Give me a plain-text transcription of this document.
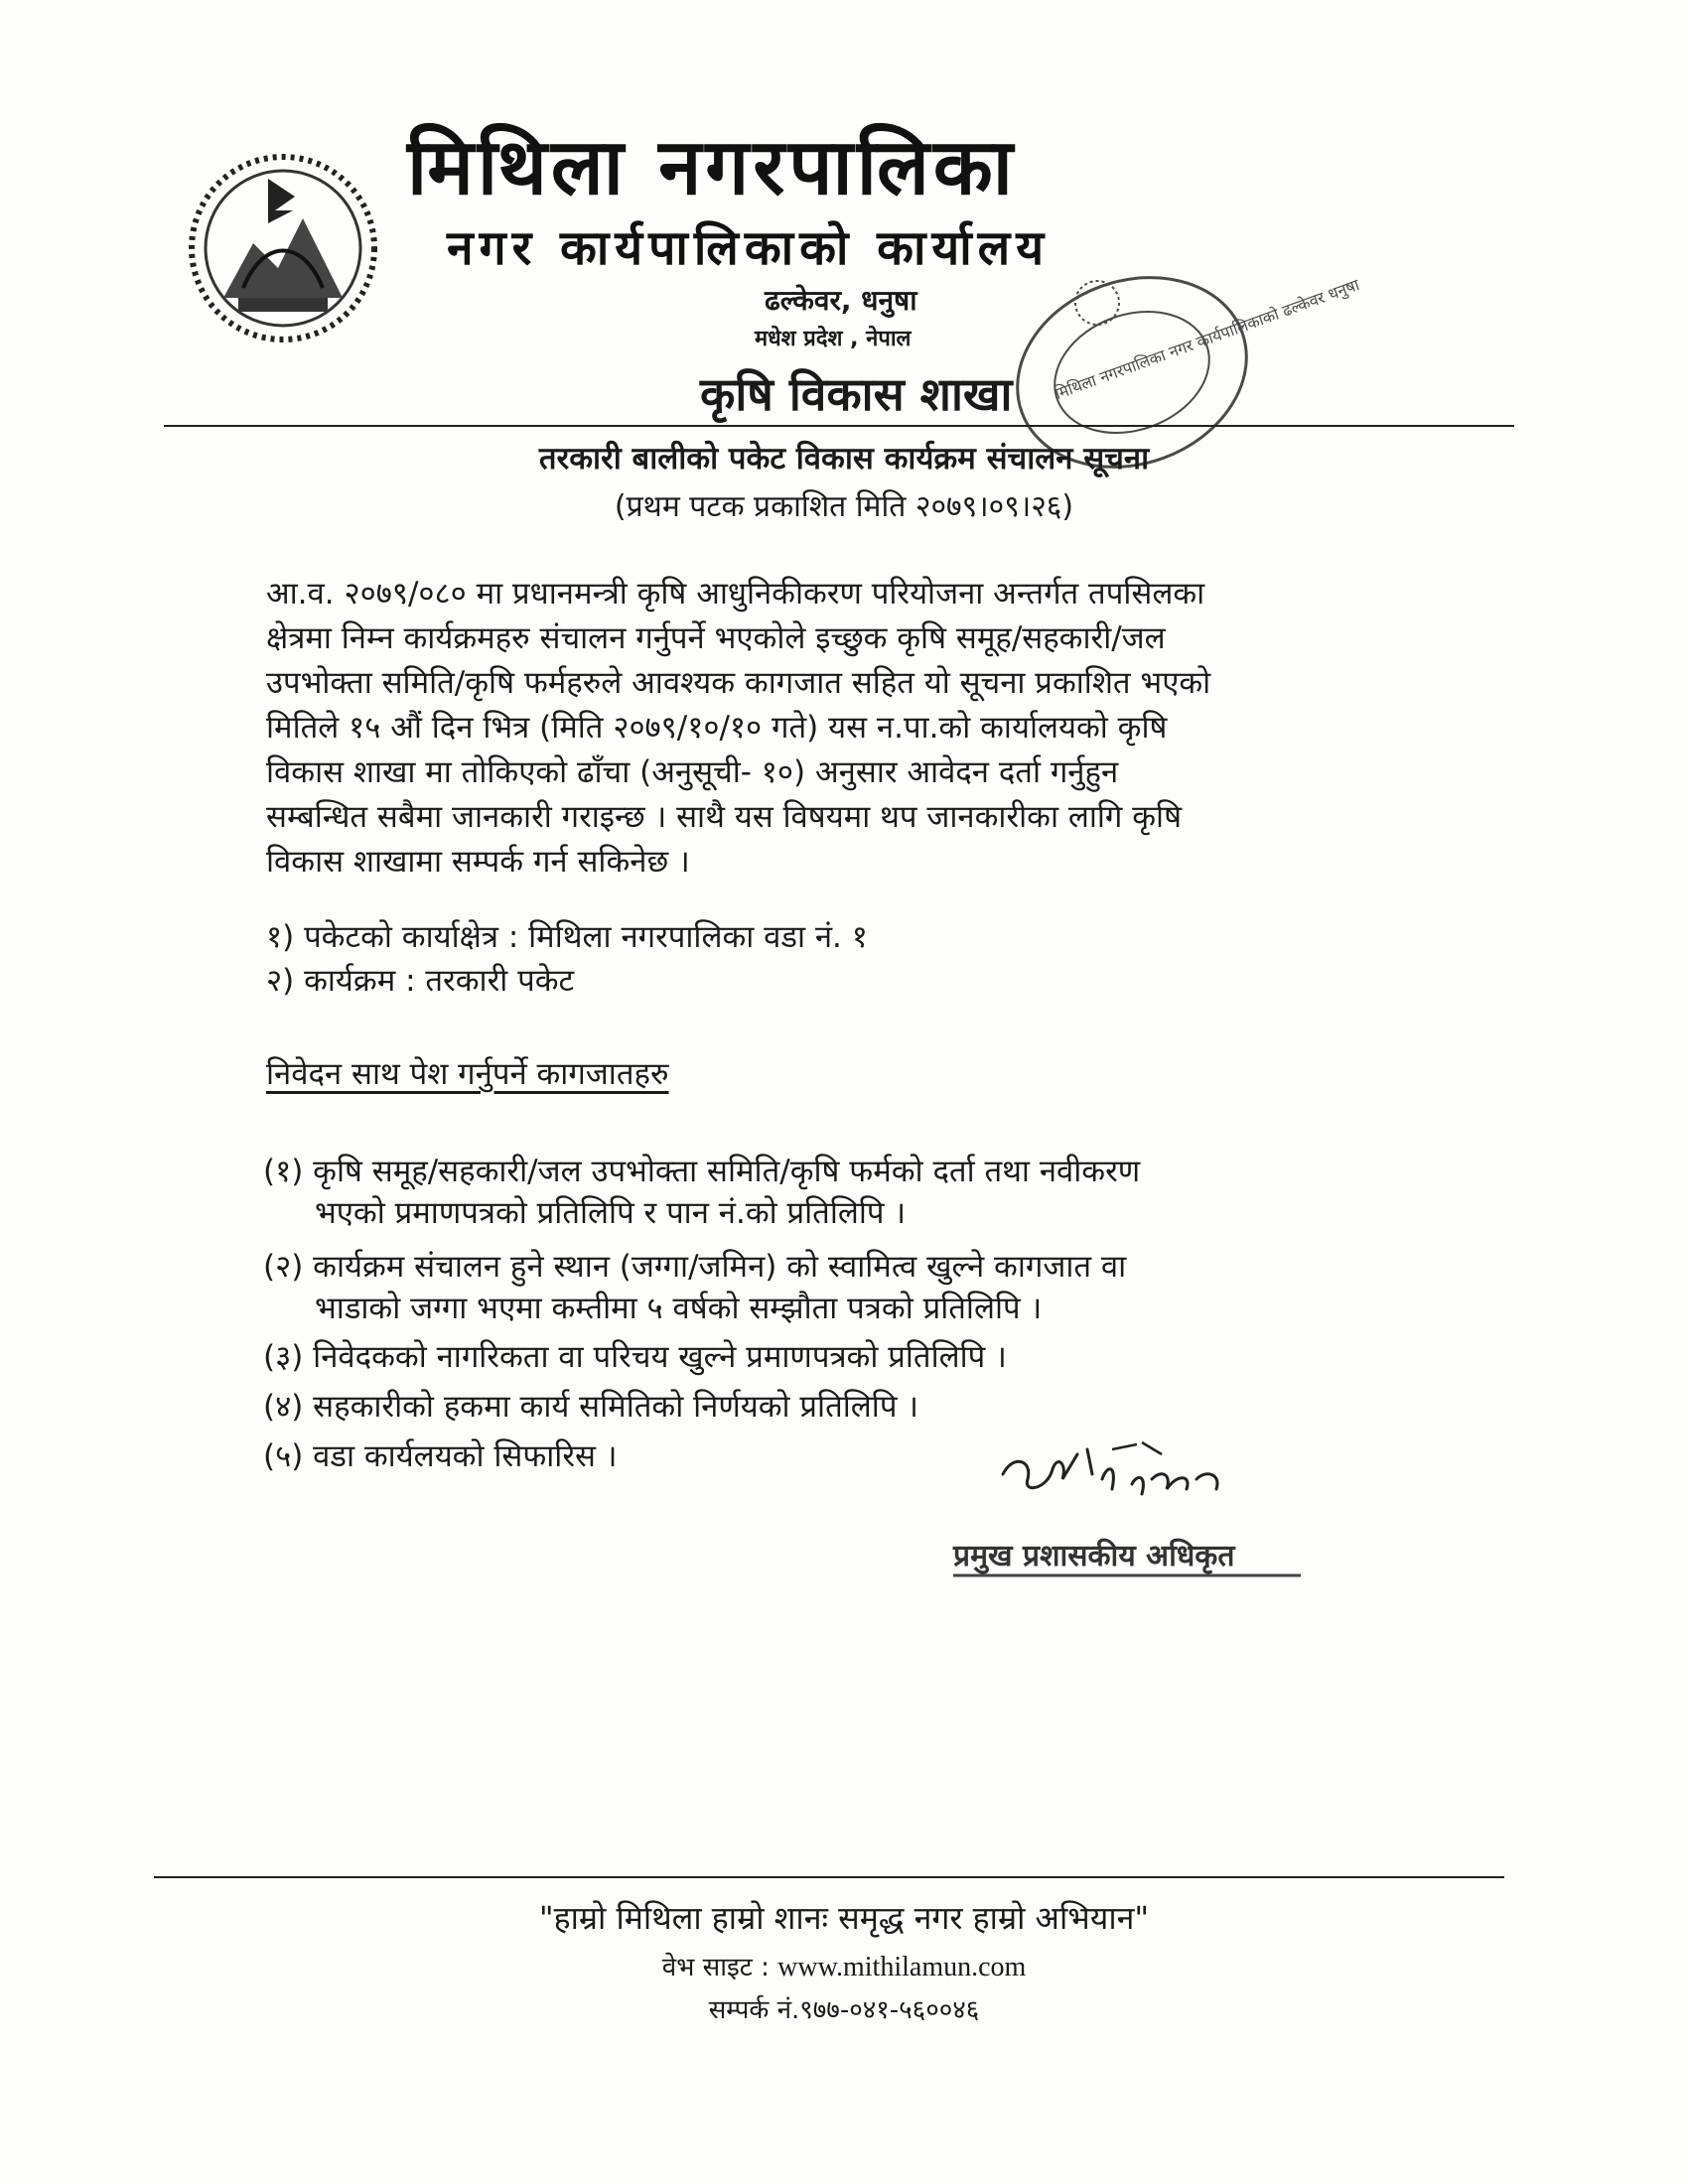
मिथिला नगरपालिका
नगर कार्यपालिकाको कार्यालय
ढल्केवर, धनुषा
मधेश प्रदेश , नेपाल
कृषि विकास शाखा	मिथिला नगरपालिका नगर कार्यपालिकाको ढल्केवर धनुषा
तरकारी बालीको पकेट विकास कार्यक्रम संचालन सूचना
(प्रथम पटक प्रकाशित मिति २०७९।०९।२६)
आ.व. २०७९/०८० मा प्रधानमन्त्री कृषि आधुनिकीकरण परियोजना अन्तर्गत तपसिलका
क्षेत्रमा निम्न कार्यक्रमहरु संचालन गर्नुपर्ने भएकोले इच्छुक कृषि समूह/सहकारी/जल
उपभोक्ता समिति/कृषि फर्महरुले आवश्यक कागजात सहित यो सूचना प्रकाशित भएको
मितिले १५ औं दिन भित्र (मिति २०७९/१०/१० गते) यस न.पा.को कार्यालयको कृषि
विकास शाखा मा तोकिएको ढाँचा (अनुसूची- १०) अनुसार आवेदन दर्ता गर्नुहुन
सम्बन्धित सबैमा जानकारी गराइन्छ । साथै यस विषयमा थप जानकारीका लागि कृषि
विकास शाखामा सम्पर्क गर्न सकिनेछ ।
१) पकेटको कार्याक्षेत्र : मिथिला नगरपालिका वडा नं. १
२) कार्यक्रम : तरकारी पकेट
निवेदन साथ पेश गर्नुपर्ने कागजातहरु
(१) कृषि समूह/सहकारी/जल उपभोक्ता समिति/कृषि फर्मको दर्ता तथा नवीकरण
भएको प्रमाणपत्रको प्रतिलिपि र पान नं.को प्रतिलिपि ।
(२) कार्यक्रम संचालन हुने स्थान (जग्गा/जमिन) को स्वामित्व खुल्ने कागजात वा
भाडाको जग्गा भएमा कम्तीमा ५ वर्षको सम्झौता पत्रको प्रतिलिपि ।
(३) निवेदकको नागरिकता वा परिचय खुल्ने प्रमाणपत्रको प्रतिलिपि ।
(४) सहकारीको हकमा कार्य समितिको निर्णयको प्रतिलिपि ।
(५) वडा कार्यलयको सिफारिस ।
प्रमुख प्रशासकीय अधिकृत
"हाम्रो मिथिला हाम्रो शानः समृद्ध नगर हाम्रो अभियान"
वेभ साइट : www.mithilamun.com
सम्पर्क नं.९७७-०४१-५६००४६
